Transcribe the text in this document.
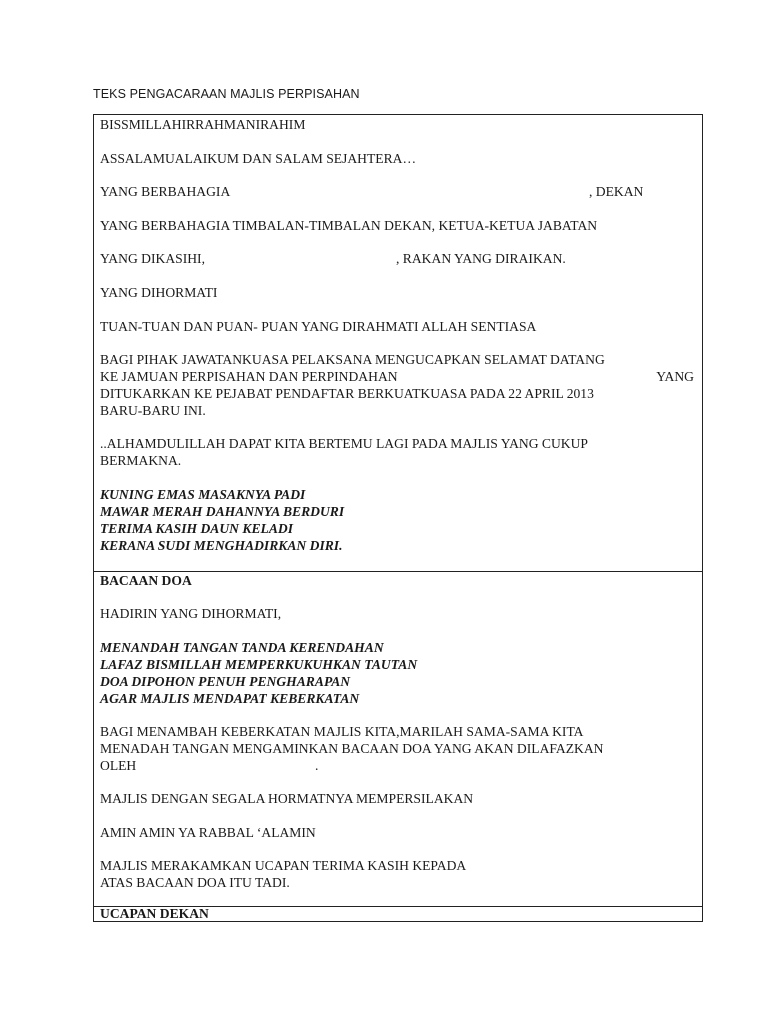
TEKS PENGACARAAN MAJLIS PERPISAHAN
BISSMILLAHIRRAHMANIRAHIM
ASSALAMUALAIKUM DAN SALAM SEJAHTERA…
YANG BERBAHAGIA	, DEKAN
YANG BERBAHAGIA TIMBALAN-TIMBALAN DEKAN, KETUA-KETUA JABATAN
YANG DIKASIHI,	, RAKAN YANG DIRAIKAN.
YANG DIHORMATI
TUAN-TUAN DAN PUAN- PUAN YANG DIRAHMATI ALLAH SENTIASA
BAGI PIHAK JAWATANKUASA PELAKSANA MENGUCAPKAN SELAMAT DATANG
KE JAMUAN PERPISAHAN DAN PERPINDAHAN	YANG
DITUKARKAN KE PEJABAT PENDAFTAR BERKUATKUASA PADA 22 APRIL 2013
BARU-BARU INI.
..ALHAMDULILLAH DAPAT KITA BERTEMU LAGI PADA MAJLIS YANG CUKUP
BERMAKNA.
KUNING EMAS MASAKNYA PADI
MAWAR MERAH DAHANNYA BERDURI
TERIMA KASIH DAUN KELADI
KERANA SUDI MENGHADIRKAN DIRI.
BACAAN DOA
HADIRIN YANG DIHORMATI,
MENANDAH TANGAN TANDA KERENDAHAN
LAFAZ BISMILLAH MEMPERKUKUHKAN TAUTAN
DOA DIPOHON PENUH PENGHARAPAN
AGAR MAJLIS MENDAPAT KEBERKATAN
BAGI MENAMBAH KEBERKATAN MAJLIS KITA,MARILAH SAMA-SAMA KITA
MENADAH TANGAN MENGAMINKAN BACAAN DOA YANG AKAN DILAFAZKAN
OLEH	.
MAJLIS DENGAN SEGALA HORMATNYA MEMPERSILAKAN
AMIN AMIN YA RABBAL ‘ALAMIN
MAJLIS MERAKAMKAN UCAPAN TERIMA KASIH KEPADA
ATAS BACAAN DOA ITU TADI.
UCAPAN DEKAN
